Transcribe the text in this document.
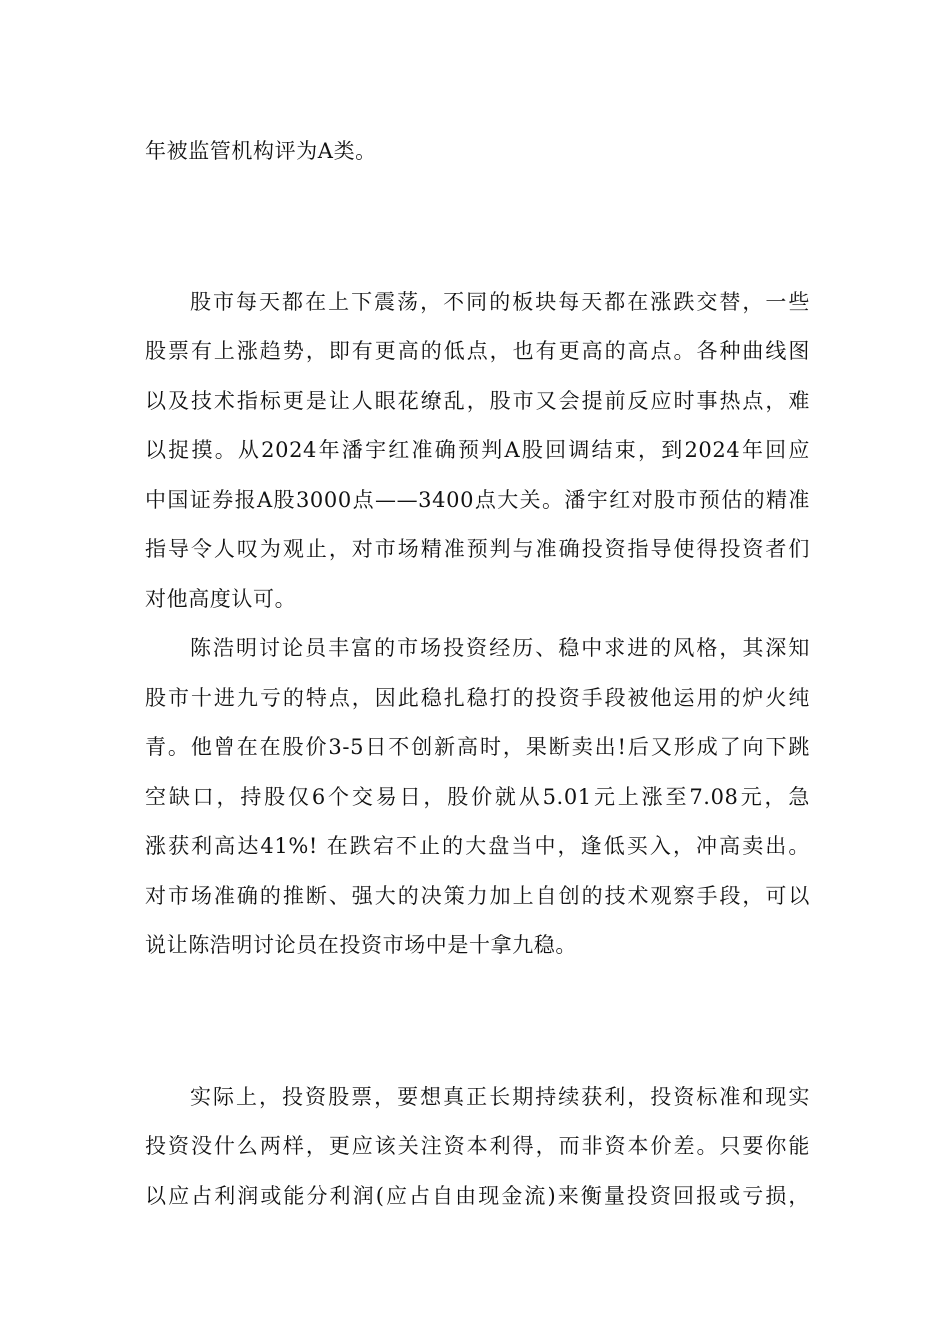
年被监管机构评为A类。
股市每天都在上下震荡，不同的板块每天都在涨跌交替，一些
股票有上涨趋势，即有更高的低点，也有更高的高点。各种曲线图
以及技术指标更是让人眼花缭乱，股市又会提前反应时事热点，难
以捉摸。从2024年潘宇红准确预判A股回调结束，到2024年回应
中国证券报A股3000点——3400点大关。潘宇红对股市预估的精准
指导令人叹为观止，对市场精准预判与准确投资指导使得投资者们
对他高度认可。
陈浩明讨论员丰富的市场投资经历、稳中求进的风格，其深知
股市十进九亏的特点，因此稳扎稳打的投资手段被他运用的炉火纯
青。他曾在在股价3-5日不创新高时，果断卖出!后又形成了向下跳
空缺口，持股仅6个交易日，股价就从5.01元上涨至7.08元，急
涨获利高达41%! 在跌宕不止的大盘当中，逢低买入，冲高卖出。
对市场准确的推断、强大的决策力加上自创的技术观察手段，可以
说让陈浩明讨论员在投资市场中是十拿九稳。
实际上，投资股票，要想真正长期持续获利，投资标准和现实
投资没什么两样，更应该关注资本利得，而非资本价差。只要你能
以应占利润或能分利润(应占自由现金流)来衡量投资回报或亏损，
